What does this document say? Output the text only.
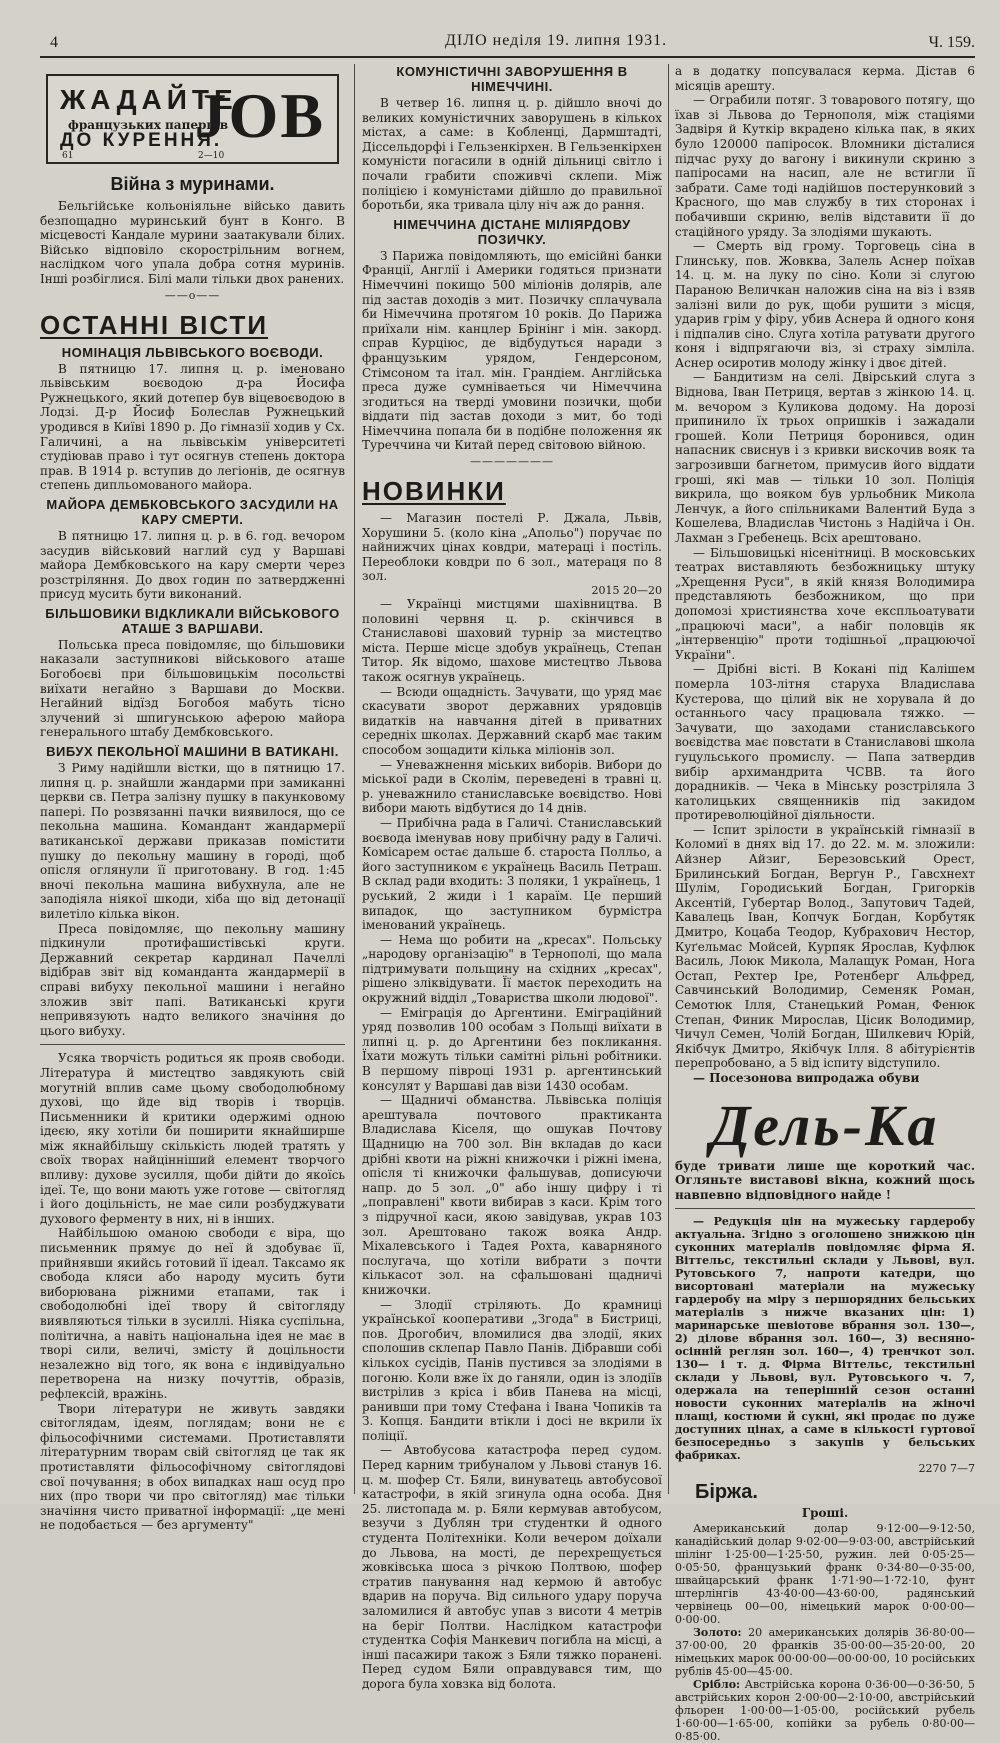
4	ДІЛО неділя 19. липня 1931.	Ч. 159.
ЖАДАЙТЕ
французьких паперців
ДО КУРЕННЯ.
JOB
61	2—10
Війна з муринами.

Бельгійське кольоніяльне військо давить безпощадно муринський бунт в Конго. В місцевості Кандале мурини заатакували білих. Військо відповіло скорострільним вогнем, наслідком чого упала добра сотня муринів. Інші розбіглися. Білі мали тільки двох ранених.

——o——
ОСТАННІ ВІСТИ
НОМІНАЦІЯ ЛЬВІВСЬКОГО ВОЄВОДИ.

В пятницю 17. липня ц. р. іменовано львівським воєводою д-ра Йосифа Ружнецького, який дотепер був віцевоєводою в Лодзі. Д-р Йосиф Болеслав Ружнецький уродився в Київі 1890 р. До гімназії ходив у Сх. Галичині, а на львівськім університеті студіював право і тут осягнув степень доктора прав. В 1914 р. вступив до легіонів, де осягнув степень дипльомованого майора.

МАЙОРА ДЕМБКОВСЬКОГО ЗАСУДИЛИ НА КАРУ СМЕРТИ.

В пятницю 17. липня ц. р. в 6. год. вечором засудив військовий наглий суд у Варшаві майора Дембковського на кару смерти через розстріляння. До двох годин по затвердженні присуд мусить бути виконаний.

БІЛЬШОВИКИ ВІДКЛИКАЛИ ВІЙСЬКОВОГО АТАШЕ З ВАРШАВИ.

Польська преса повідомляє, що більшовики наказали заступникові військового аташе Богобоєві при більшовицькім посольстві виїхати негайно з Варшави до Москви. Негайний відїзд Богобоя мабуть тісно злучений зі шпигунською аферою майора генерального штабу Дембковського.

ВИБУХ ПЕКОЛЬНОЇ МАШИНИ В ВАТИКАНІ.

З Риму надійшли вістки, що в пятницю 17. липня ц. р. знайшли жандарми при замиканні церкви св. Петра залізну пушку в пакунковому папері. По розвязанні пачки виявилося, що се пекольна машина. Командант жандармерії ватиканської держави приказав помістити пушку до пекольну машину в городі, щоб опісля оглянули її приготовану. В год. 1:45 вночі пекольна машина вибухнула, але не заподіяла ніякої шкоди, хіба що від детонації вилетіло кілька вікон.

Преса повідомляє, що пекольну машину підкинули протифашистівські круги. Державний секретар кардинал Пачеллі відібрав звіт від команданта жандармерії в справі вибуху пекольної машини і негайно зложив звіт папі. Ватиканські круги непривязують надто великого значіння до цього вибуху.

Усяка творчість родиться як прояв свободи. Література й мистецтво завдякують свій могутній вплив саме цьому свободолюбному духові, що йде від творів і творців. Письменники й критики одержимі одною ідеєю, яку хотіли би поширити якнайширше між якнайбільшу скількість людей тратять у своїх творах найцінніший елемент творчого впливу: духове зусилля, щоби дійти до якоїсь ідеї. Те, що вони мають уже готове — світогляд і його доцільність, не мае сили розбуджувати духового ферменту в них, ні в інших.

Найбільшою оманою свободи є віра, що письменник прямує до неї й здобуває її, прийнявши якийсь готовий її ідеал. Таксамо як свобода кляси або народу мусить бути виборювана ріжними етапами, так і свободолюбні ідеї твору й світогляду виявляються тільки в зусиллі. Ніяка суспільна, політична, а навіть національна ідея не має в творі сили, величі, змісту й доцільности незалежно від того, як вона є індивідуально перетворена на низку почуттів, образів, рефлексій, вражінь.

Твори літератури не живуть завдяки світоглядам, ідеям, поглядам; вони не є фільософічними системами. Протиставляти літературним творам свій світогляд це так як протиставляти фільософічному світоглядові свої почування; в обох випадках наш осуд про них (про твори чи про світогляд) має тільки значіння чисто приватної інформації: „це мені не подобається — без аргументу"

КОМУНІСТИЧНІ ЗАВОРУШЕННЯ В НІМЕЧЧИНІ.

В четвер 16. липня ц. р. дійшло вночі до великих комуністичних заворушень в кількох містах, а саме: в Кобленці, Дармштадті, Діссельдорфі і Гельзенкірхен. В Гельзенкірхен комуністи погасили в одній дільниці світло і почали грабити споживчі склепи. Між поліцією і комуністами дійшло до правильної боротьби, яка тривала цілу ніч аж до рання.

НІМЕЧЧИНА ДІСТАНЕ МІЛІЯРДОВУ ПОЗИЧКУ.

З Парижа повідомляють, що емісійні банки Франції, Англії і Америки годяться признати Німеччині покищо 500 міліонів долярів, але під застав доходів з мит. Позичку сплачувала би Німеччина протягом 10 років. До Парижа приїхали нім. канцлер Брінінг і мін. закорд. справ Курціюс, де відбудуться наради з французьким урядом, Гендерсоном, Стімсоном та італ. мін. Грандіем. Англійська преса дуже сумніваеться чи Німеччина згодиться на тверді умовини позички, щоби віддати під застав доходи з мит, бо тоді Німеччина попала би в подібне положення як Туреччина чи Китай перед світовою війною.

———————
НОВИНКИ

— Магазин постелі Р. Джала, Львів, Хорушини 5. (коло кіна „Апольо") поручає по найнижчих цінах ковдри, матераці і постіль. Переоблоки ковдри по 6 зол., матераця по 8 зол.

2015 20—20

— Українці мистцями шахівництва. В половині червня ц. р. скінчився в Станиславові шаховий турнір за мистецтво міста. Перше місце здобув українець, Степан Титор. Як відомо, шахове мистецтво Львова також осягнув українець.

— Всюди ощадність. Зачувати, що уряд має скасувати зворот державних урядовців видатків на навчання дітей в приватних середніх школах. Державний скарб має таким способом зощадити кілька міліонів зол.

— Уневажнення міських виборів. Вибори до міської ради в Сколім, переведені в травні ц. р. уневажнило станиславське воєвідство. Нові вибори мають відбутися до 14 днів.

— Прибічна рада в Галичі. Станиславський воєвода іменував нову прибічну раду в Галичі. Комісарем остає дальше б. староста Полльо, а його заступником є українець Василь Петраш. В склад ради входить: 3 поляки, 1 українець, 1 руський, 2 жиди і 1 караїм. Це перший випадок, що заступником бурмістра іменований українець.

— Нема що робити на „кресах". Польську „народову організацію" в Тернополі, що мала підтримувати польщину на східних „кресах", рішено зліквідувати. Її маєток переходить на окружний відділ „Товариства школи людової".

— Еміграція до Аргентини. Еміграційний уряд позволив 100 особам з Польщі виїхати в липні ц. р. до Аргентини без покликання. Їхати можуть тільки самітні рільні робітники. В першому півроці 1931 р. аргентинський консулят у Варшаві дав візи 1430 особам.

— Щадничі обманства. Львівська поліція арештувала почтового практиканта Владислава Кіселя, що ошукав Почтову Щадницю на 700 зол. Він вкладав до каси дрібні квоти на ріжні книжочки і ріжні імена, опісля ті книжочки фальшував, дописуючи напр. до 5 зол. „0" або іншу цифру і ті „поправлені" квоти вибирав з каси. Крім того з підручної каси, якою завідував, украв 103 зол. Арештовано також вояка Андр. Міхалевського і Тадея Рохта, каварняного послугача, що хотіли вибрати з почти кількасот зол. на сфальшовані щадничі книжочки.

— Злодії стріляють. До крамниці української кооперативи „Згода" в Бистриці, пов. Дрогобич, вломилися два злодії, яких сполошив склепар Павло Панів. Дібравши собі кількох сусідів, Панів пустився за злодіями в погоню. Коли вже їх до ганяли, один із злодіїв вистрілив з кріса і вбив Панева на місці, ранивши при тому Стефана і Івана Чопиків та З. Копця. Бандити втікли і досі не вкрили їх поліції.

— Автобусова катастрофа перед судом. Перед карним трибуналом у Львові станув 16. ц. м. шофер Ст. Бяли, винуватець автобусової катастрофи, в якій згинула одна особа. Дня 25. листопада м. р. Бяли кермував автобусом, везучи з Дублян три студентки й одного студента Політехніки. Коли вечером доїхали до Львова, на мості, де перехрещується жовківська шоса з річкою Полтвою, шофер стратив панування над кермою й автобус вдарив на поруча. Від сильного удару поруча заломилися й автобус упав з висоти 4 метрів на беріг Полтви. Наслідком катастрофи студентка Софія Манкевич погибла на місці, а інші пасажири також з Бяли тяжко поранені. Перед судом Бяли оправдувався тим, що дорога була ховзка від болота.

а в додатку попсувалася керма. Дістав 6 місяців арешту.

— Ограбили потяг. З товарового потягу, що їхав зі Львова до Тернополя, між стаціями Задвіря й Куткір вкрадено кілька пак, в яких було 120000 папіросок. Вломники дісталися підчас руху до вагону і викинули скриню з папіросами на насип, але не встигли її забрати. Саме тоді надійшов постерунковий з Красного, що мав службу в тих сторонах і побачивши скриню, велів відставити її до стаційного уряду. За злодіями шукають.

— Смерть від грому. Торговець сіна в Глинську, пов. Жовква, Залель Аснер поїхав 14. ц. м. на луку по сіно. Коли зі слугою Параною Величкан наложив сіна на віз і взяв залізні вили до рук, щоби рушити з місця, ударив грім у фіру, убив Аснера й одного коня і підпалив сіно. Слуга хотіла ратувати другого коня і відпрягаючи віз, зі страху зімліла. Аснер осиротив молоду жінку і двоє дітей.

— Бандитизм на селі. Двірський слуга з Віднова, Іван Петриця, вертав з жінкою 14. ц. м. вечором з Куликова додому. На дорозі припинило їх трьох опришків і зажадали грошей. Коли Петриця боронився, один напасник свиснув і з кривки вискочив вояк та загрозивши багнетом, примусив його віддати гроші, які мав — тільки 10 зол. Поліція викрила, що вояком був урльобник Микола Ленчук, а його спільниками Валентий Буда з Кошелева, Владислав Чистонь з Надійча і Он. Лахман з Гребенець. Всіх арештовано.

— Більшовицькі нісенітниці. В московських театрах виставляють безбожницьку штуку „Хрещення Руси", в якій князя Володимира представляють безбожником, що при допомозі християнства хоче експльоатувати „працюючі маси", а набіг половців як „інтервенцію" проти тодішньої „працюючої України".

— Дрібні вісті. В Кокані під Калішем померла 103-літня старуха Владислава Кустерова, що цілий вік не хорувала й до останнього часу працювала тяжко. — Зачувати, що заходами станиславського воєвідства має повстати в Станиславові школа гуцульського промислу. — Папа затвердив вибір архимандрита ЧСВВ. та його дорадників. — Чека в Мінську розстріляла 3 католицьких священників під закидом протиреволюційної діяльности.

— Іспит зрілости в українській гімназії в Коломиї в днях від 17. до 22. м. м. зложили: Айзнер Айзиг, Березовський Орест, Брилинський Богдан, Вергун Р., Гавсхнехт Шулім, Городиський Богдан, Григорків Аксентій, Губертар Волод., Запутович Тадей, Кавалець Іван, Копчук Богдан, Корбутяк Дмитро, Коцаба Теодор, Кубрахович Нестор, Куґельмас Мойсей, Курпяк Ярослав, Куфлюк Василь, Лоюк Микола, Малащук Роман, Нога Остап, Рехтер Іре, Ротенберг Альфред, Савчинський Володимир, Семеняк Роман, Семотюк Ілля, Станецький Роман, Фенюк Степан, Финик Мирослав, Цісик Володимир, Чичул Семен, Чолій Богдан, Шилкевич Юрій, Якібчук Дмитро, Якібчук Ілля. 8 абітурієнтів перепробовано, а 5 від іспиту відступило.

— Посезонова випродажа обуви

Дель-Ка

буде тривати лише ще короткий час. Огляньте виставові вікна, кожний щось навпевно відповідного найде !

— Редукція цін на мужеську гардеробу актуальна. Згідно з оголошено знижкою цін суконних матеріалів повідомляє фірма Я. Віттельс, текстильні склади у Львові, вул. Рутовського 7, напроти катедри, що висортовані матеріали на мужеську гардеробу на міру з першорядних бельських матеріалів з нижче вказаних цін: 1) маринарське шевіотове вбрання зол. 130—, 2) ділове вбрання зол. 160—, 3) весняно-осінній реглян зол. 160—, 4) тренчкот зол. 130— і т. д. Фірма Віттельс, текстильні склади у Львові, вул. Рутовського ч. 7, одержала на теперішній сезон останні новости суконних матеріалів на жіночі плащі, костюми й сукні, які продає по дуже доступних цінах, а саме в кількості гуртової безпосередньо з закупів у бельських фабриках.

2270 7—7

Біржа.
Гроші.

Американський долар 9·12·00—9·12·50, канадійський долар 9·02·00—9·03·00, австрійський шілінг 1·25·00—1·25·50, ружин. лей 0·05·25—0·05·50, французький франк 0·34·80—0·35·00, швайцарський франк 1·71·90—1·72·10, фунт штерлінгів 43·40·00—43·60·00, радянський червінець 00—00, німецький марок 0·00·00—0·00·00.

Золото: 20 американських долярів 36·80·00—37·00·00, 20 франків 35·00·00—35·20·00, 20 німецьких марок 00·00·00—00·00·00, 10 російських рублів 45·00—45·00.

Срібло: Австрійська корона 0·36·00—0·36·50, 5 австрійських корон 2·00·00—2·10·00, австрійський фльорен 1·00·00—1·05·00, російський рубель 1·60·00—1·65·00, копійки за рубель 0·80·00—0·85·00.
